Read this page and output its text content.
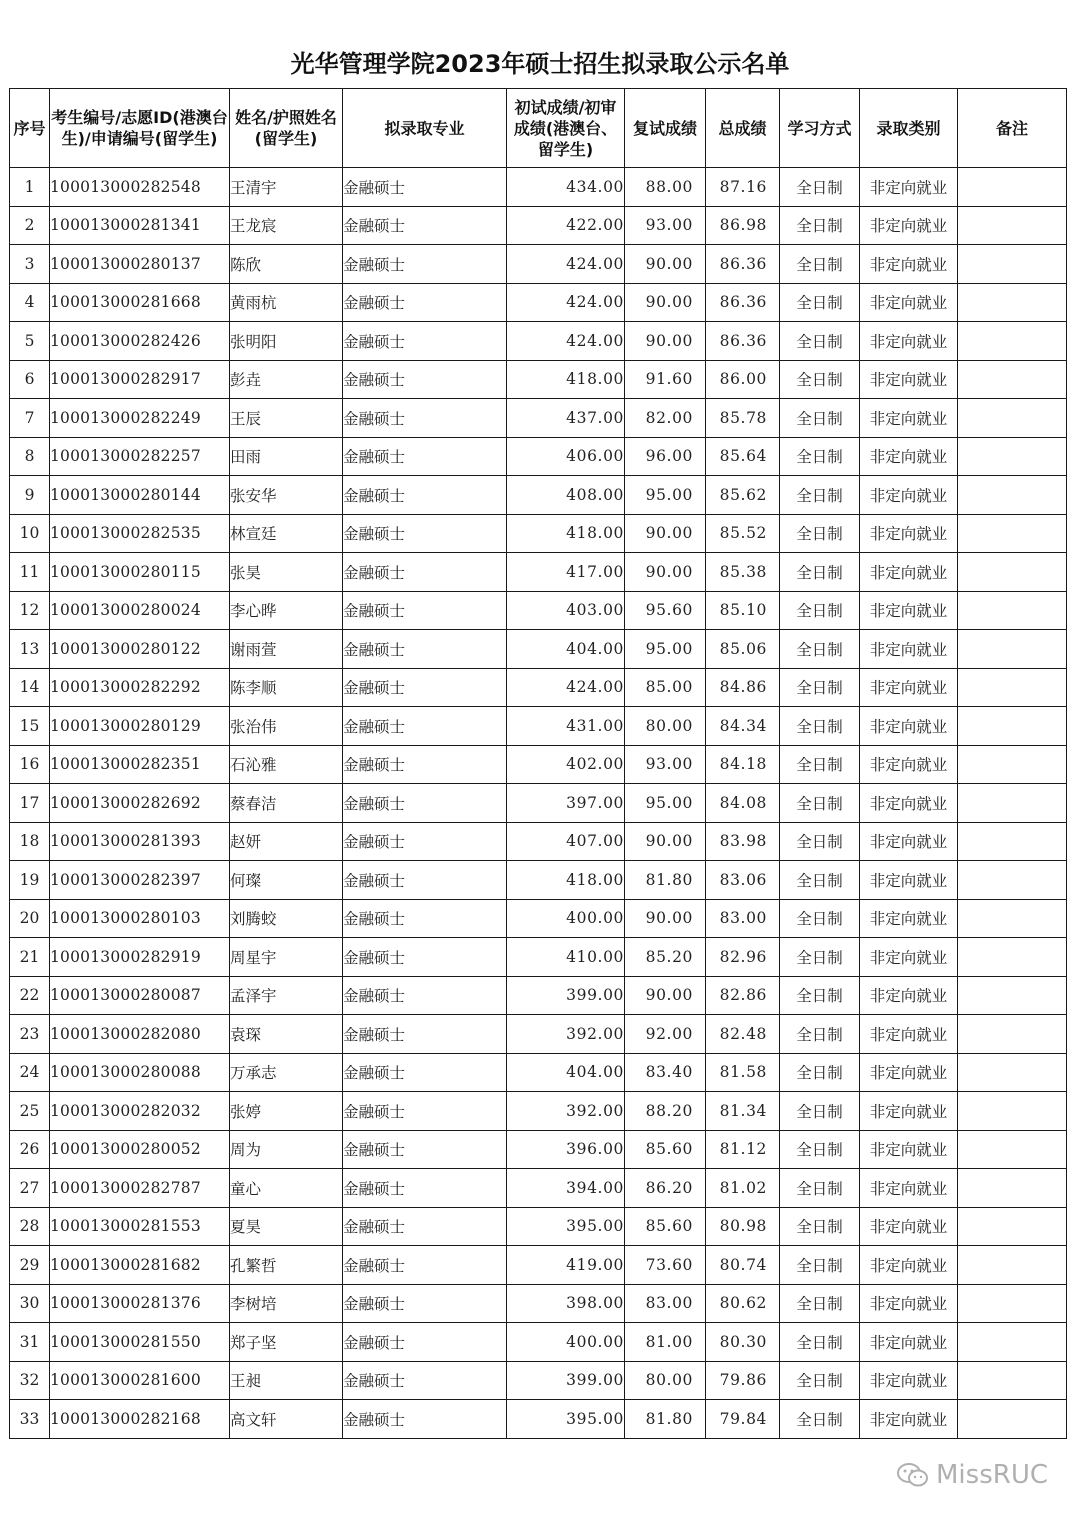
光华管理学院2023年硕士招生拟录取公示名单
序号	考生编号/志愿ID(港澳台生)/申请编号(留学生)	姓名/护照姓名(留学生)	拟录取专业	初试成绩/初审成绩(港澳台、留学生)	复试成绩	总成绩	学习方式	录取类别	备注
1	100013000282548	王清宇	金融硕士	434.00	88.00	87.16	全日制	非定向就业	
2	100013000281341	王龙宸	金融硕士	422.00	93.00	86.98	全日制	非定向就业	
3	100013000280137	陈欣	金融硕士	424.00	90.00	86.36	全日制	非定向就业	
4	100013000281668	黄雨杭	金融硕士	424.00	90.00	86.36	全日制	非定向就业	
5	100013000282426	张明阳	金融硕士	424.00	90.00	86.36	全日制	非定向就业	
6	100013000282917	彭垚	金融硕士	418.00	91.60	86.00	全日制	非定向就业	
7	100013000282249	王辰	金融硕士	437.00	82.00	85.78	全日制	非定向就业	
8	100013000282257	田雨	金融硕士	406.00	96.00	85.64	全日制	非定向就业	
9	100013000280144	张安华	金融硕士	408.00	95.00	85.62	全日制	非定向就业	
10	100013000282535	林宣廷	金融硕士	418.00	90.00	85.52	全日制	非定向就业	
11	100013000280115	张昊	金融硕士	417.00	90.00	85.38	全日制	非定向就业	
12	100013000280024	李心晔	金融硕士	403.00	95.60	85.10	全日制	非定向就业	
13	100013000280122	谢雨萱	金融硕士	404.00	95.00	85.06	全日制	非定向就业	
14	100013000282292	陈李顺	金融硕士	424.00	85.00	84.86	全日制	非定向就业	
15	100013000280129	张治伟	金融硕士	431.00	80.00	84.34	全日制	非定向就业	
16	100013000282351	石沁雅	金融硕士	402.00	93.00	84.18	全日制	非定向就业	
17	100013000282692	蔡春洁	金融硕士	397.00	95.00	84.08	全日制	非定向就业	
18	100013000281393	赵妍	金融硕士	407.00	90.00	83.98	全日制	非定向就业	
19	100013000282397	何璨	金融硕士	418.00	81.80	83.06	全日制	非定向就业	
20	100013000280103	刘腾蛟	金融硕士	400.00	90.00	83.00	全日制	非定向就业	
21	100013000282919	周星宇	金融硕士	410.00	85.20	82.96	全日制	非定向就业	
22	100013000280087	孟泽宇	金融硕士	399.00	90.00	82.86	全日制	非定向就业	
23	100013000282080	袁琛	金融硕士	392.00	92.00	82.48	全日制	非定向就业	
24	100013000280088	万承志	金融硕士	404.00	83.40	81.58	全日制	非定向就业	
25	100013000282032	张婷	金融硕士	392.00	88.20	81.34	全日制	非定向就业	
26	100013000280052	周为	金融硕士	396.00	85.60	81.12	全日制	非定向就业	
27	100013000282787	童心	金融硕士	394.00	86.20	81.02	全日制	非定向就业	
28	100013000281553	夏昊	金融硕士	395.00	85.60	80.98	全日制	非定向就业	
29	100013000281682	孔繁哲	金融硕士	419.00	73.60	80.74	全日制	非定向就业	
30	100013000281376	李树培	金融硕士	398.00	83.00	80.62	全日制	非定向就业	
31	100013000281550	郑子坚	金融硕士	400.00	81.00	80.30	全日制	非定向就业	
32	100013000281600	王昶	金融硕士	399.00	80.00	79.86	全日制	非定向就业	
33	100013000282168	高文轩	金融硕士	395.00	81.80	79.84	全日制	非定向就业	
MissRUC
